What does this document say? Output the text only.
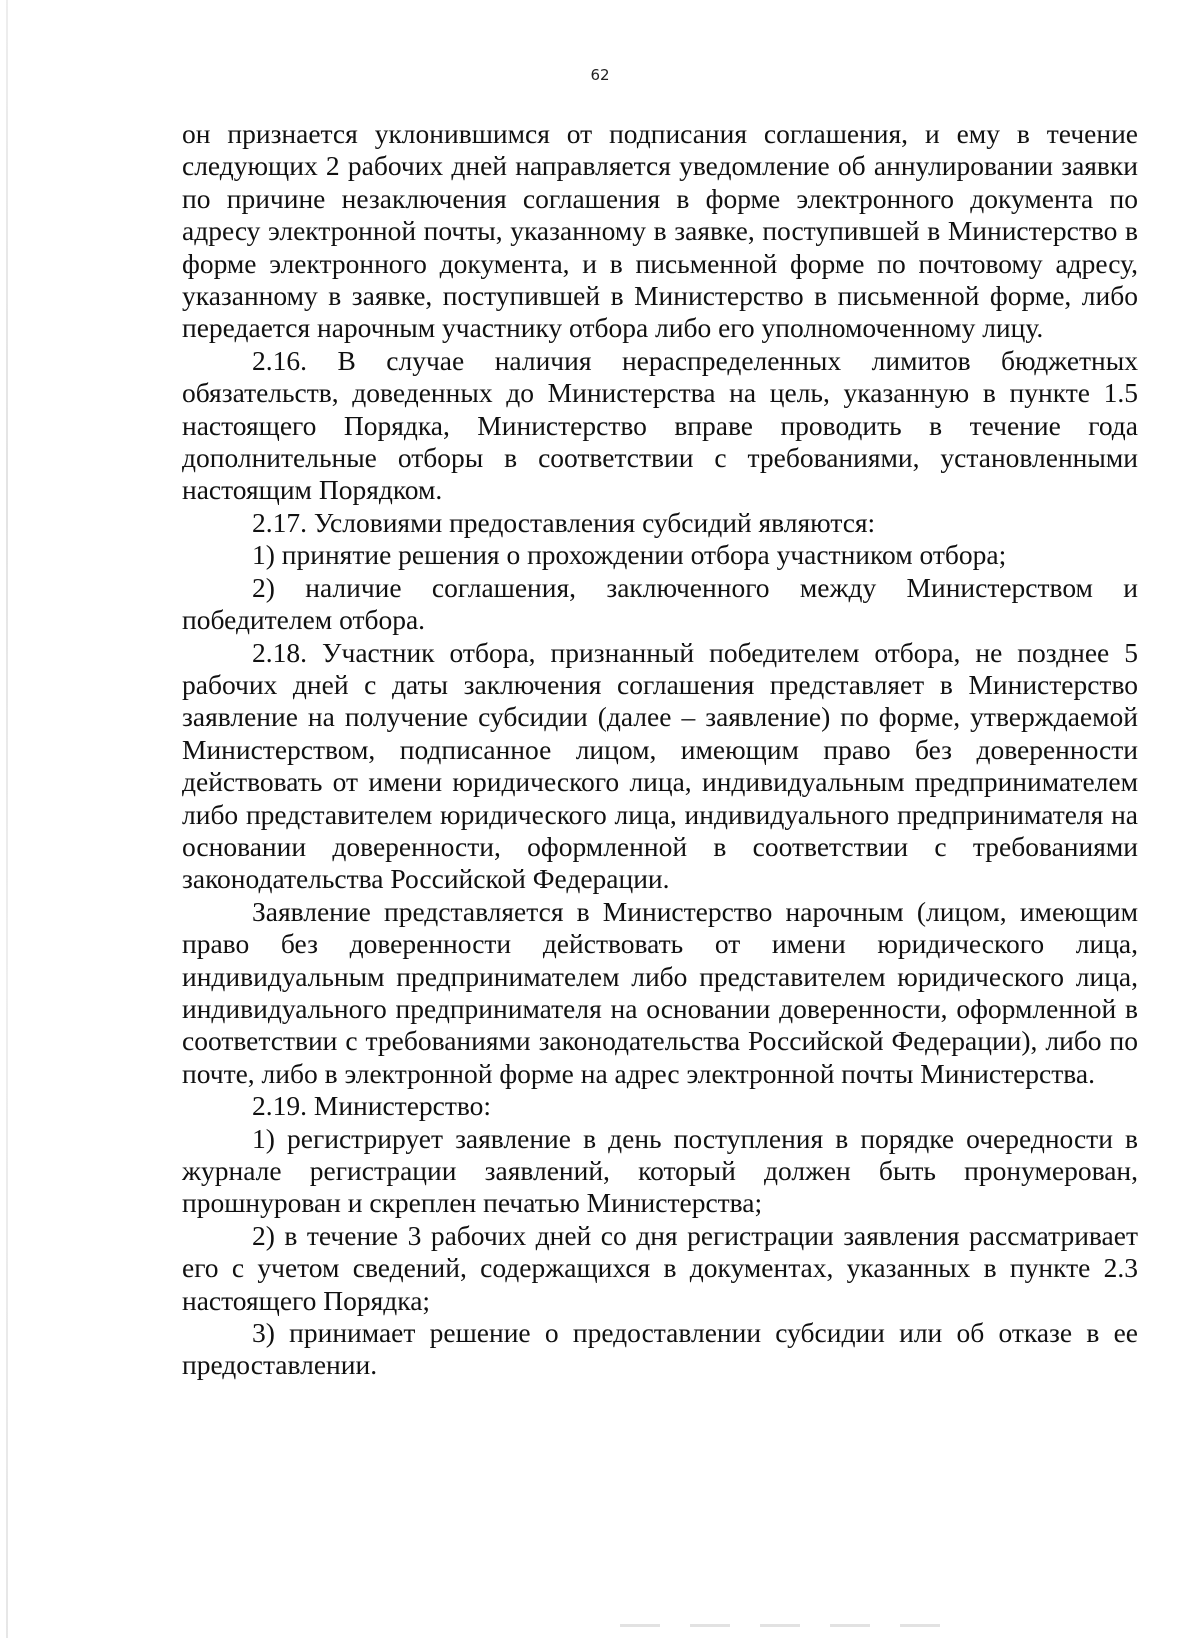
62

он признается уклонившимся от подписания соглашения, и ему в течение следующих 2 рабочих дней направляется уведомление об аннулировании заявки по причине незаключения соглашения в форме электронного документа по адресу электронной почты, указанному в заявке, поступившей в Министерство в форме электронного документа, и в письменной форме по почтовому адресу, указанному в заявке, поступившей в Министерство в письменной форме, либо передается нарочным участнику отбора либо его уполномоченному лицу.

2.16. В случае наличия нераспределенных лимитов бюджетных обязательств, доведенных до Министерства на цель, указанную в пункте 1.5 настоящего Порядка, Министерство вправе проводить в течение года дополнительные отборы в соответствии с требованиями, установленными настоящим Порядком.

2.17. Условиями предоставления субсидий являются:

1) принятие решения о прохождении отбора участником отбора;

2) наличие соглашения, заключенного между Министерством и победителем отбора.

2.18. Участник отбора, признанный победителем отбора, не позднее 5 рабочих дней с даты заключения соглашения представляет в Министерство заявление на получение субсидии (далее – заявление) по форме, утверждаемой Министерством, подписанное лицом, имеющим право без доверенности действовать от имени юридического лица, индивидуальным предпринимателем либо представителем юридического лица, индивидуального предпринимателя на основании доверенности, оформленной в соответствии с требованиями законодательства Российской Федерации.

Заявление представляется в Министерство нарочным (лицом, имеющим право без доверенности действовать от имени юридического лица, индивидуальным предпринимателем либо представителем юридического лица, индивидуального предпринимателя на основании доверенности, оформленной в соответствии с требованиями законодательства Российской Федерации), либо по почте, либо в электронной форме на адрес электронной почты Министерства.

2.19. Министерство:

1) регистрирует заявление в день поступления в порядке очередности в журнале регистрации заявлений, который должен быть пронумерован, прошнурован и скреплен печатью Министерства;

2) в течение 3 рабочих дней со дня регистрации заявления рассматривает его с учетом сведений, содержащихся в документах, указанных в пункте 2.3 настоящего Порядка;

3) принимает решение о предоставлении субсидии или об отказе в ее предоставлении.
